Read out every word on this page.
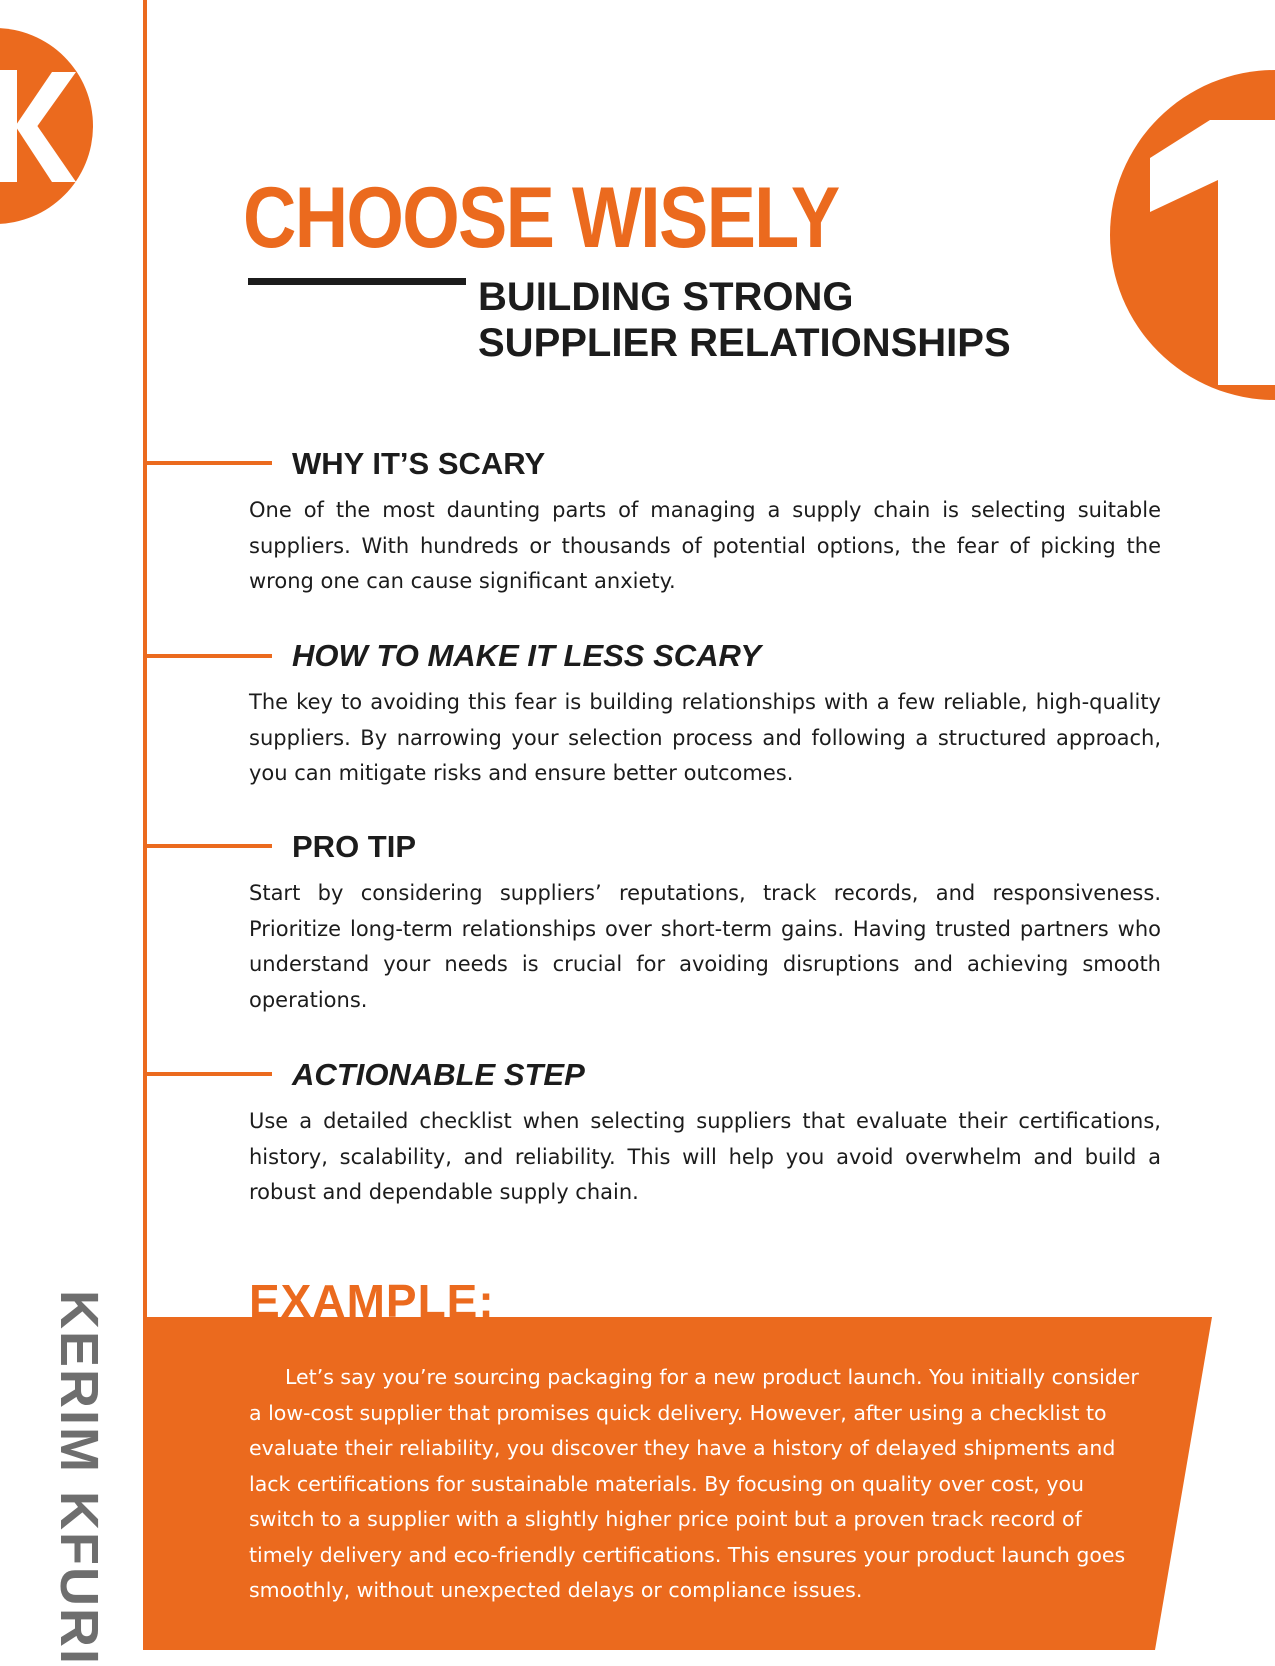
CHOOSE WISELY
BUILDING STRONG SUPPLIER RELATIONSHIPS
WHY IT’S SCARY

One of the most daunting parts of managing a supply chain is selecting suitable suppliers. With hundreds or thousands of potential options, the fear of picking the wrong one can cause significant anxiety.

HOW TO MAKE IT LESS SCARY

The key to avoiding this fear is building relationships with a few reliable, high-quality suppliers. By narrowing your selection process and following a structured approach, you can mitigate risks and ensure better outcomes.

PRO TIP

Start by considering suppliers’ reputations, track records, and responsiveness. Prioritize long-term relationships over short-term gains. Having trusted partners who understand your needs is crucial for avoiding disruptions and achieving smooth operations.

ACTIONABLE STEP

Use a detailed checklist when selecting suppliers that evaluate their certifications, history, scalability, and reliability. This will help you avoid overwhelm and build a robust and dependable supply chain.

EXAMPLE:

Let’s say you’re sourcing packaging for a new product launch. You initially consider a low-cost supplier that promises quick delivery. However, after using a checklist to evaluate their reliability, you discover they have a history of delayed shipments and lack certifications for sustainable materials. By focusing on quality over cost, you switch to a supplier with a slightly higher price point but a proven track record of timely delivery and eco-friendly certifications. This ensures your product launch goes smoothly, without unexpected delays or compliance issues.

KERIM KFURI
